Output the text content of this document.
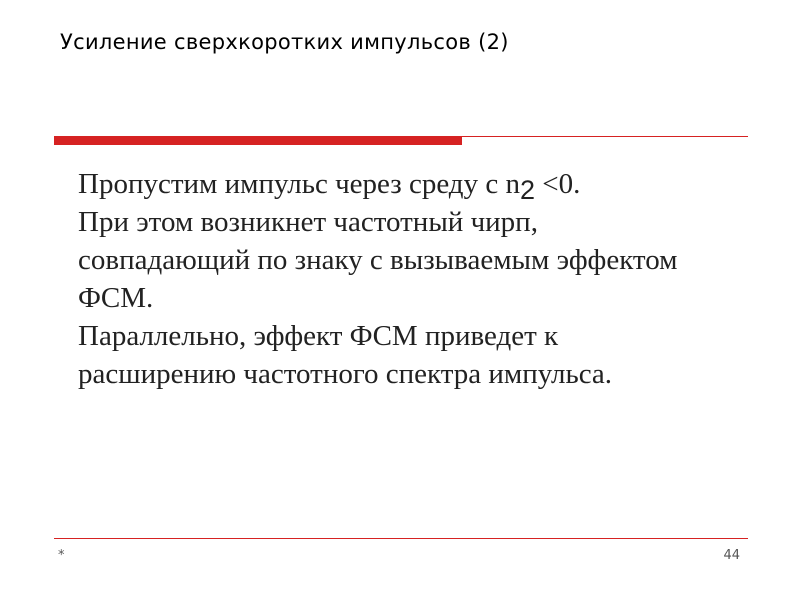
Усиление сверхкоротких импульсов (2)
Пропустим импульс через среду с n2 <0.
При этом возникнет частотный чирп,
совпадающий по знаку с вызываемым эффектом
ФСМ.
Параллельно, эффект ФСМ приведет к
расширению частотного спектра импульса.
*	44
